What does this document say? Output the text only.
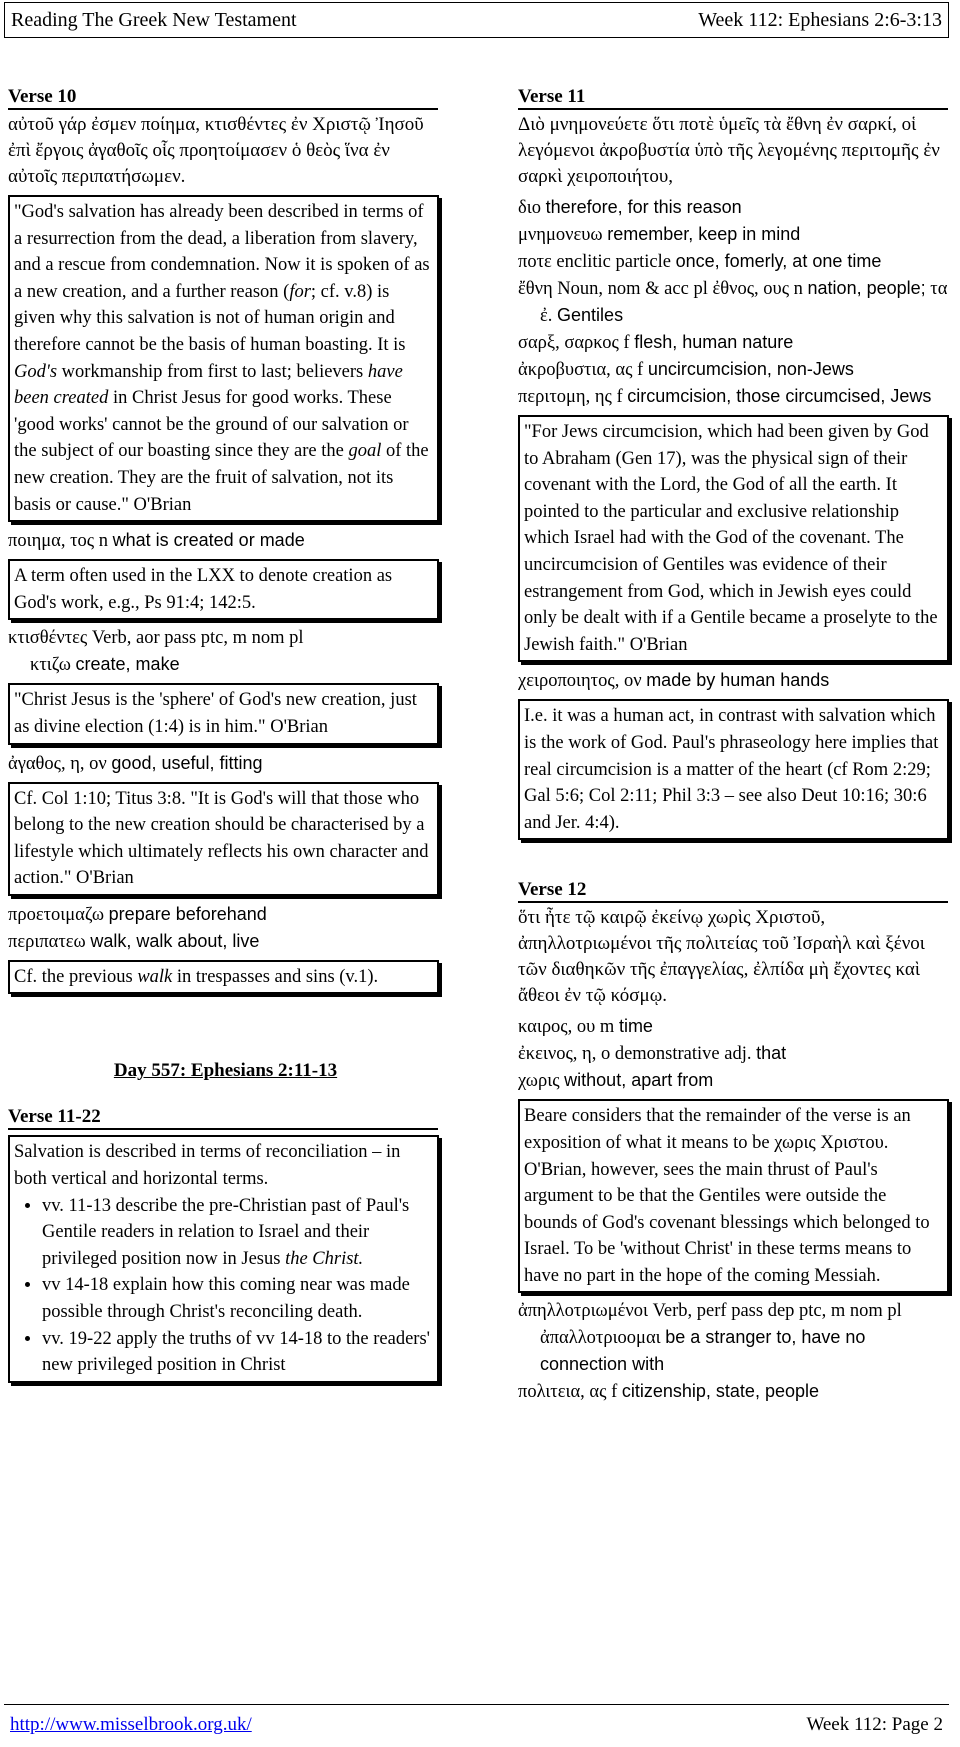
Reading The Greek New Testament	Week 112: Ephesians 2:6-3:13
Verse 10
αὐτοῦ γάρ ἐσμεν ποίημα, κτισθέντες ἐν Χριστῷ Ἰησοῦ ἐπὶ ἔργοις ἀγαθοῖς οἷς προητοίμασεν ὁ θεὸς ἵνα ἐν αὐτοῖς περιπατήσωμεν.
"God's salvation has already been described in terms of a resurrection from the dead, a liberation from slavery, and a rescue from condemnation. Now it is spoken of as a new creation, and a further reason (for; cf. v.8) is given why this salvation is not of human origin and therefore cannot be the basis of human boasting. It is God's workmanship from first to last; believers have been created in Christ Jesus for good works. These 'good works' cannot be the ground of our salvation or the subject of our boasting since they are the goal of the new creation. They are the fruit of salvation, not its basis or cause." O'Brian
ποιημα, τος n what is created or made
A term often used in the LXX to denote creation as God's work, e.g., Ps 91:4; 142:5.
κτισθέντες Verb, aor pass ptc, m nom pl
κτιζω create, make
"Christ Jesus is the 'sphere' of God's new creation, just as divine election (1:4) is in him." O'Brian
ἀγαθος, η, ον good, useful, fitting
Cf. Col 1:10; Titus 3:8. "It is God's will that those who belong to the new creation should be characterised by a lifestyle which ultimately reflects his own character and action." O'Brian
προετοιμαζω prepare beforehand
περιπατεω walk, walk about, live
Cf. the previous walk in trespasses and sins (v.1).
Day 557: Ephesians 2:11-13
Verse 11-22
Salvation is described in terms of reconciliation – in both vertical and horizontal terms.
• vv. 11-13 describe the pre-Christian past of Paul's Gentile readers in relation to Israel and their privileged position now in Jesus the Christ.
• vv 14-18 explain how this coming near was made possible through Christ's reconciling death.
• vv. 19-22 apply the truths of vv 14-18 to the readers' new privileged position in Christ
Verse 11
Διὸ μνημονεύετε ὅτι ποτὲ ὑμεῖς τὰ ἔθνη ἐν σαρκί, οἱ λεγόμενοι ἀκροβυστία ὑπὸ τῆς λεγομένης περιτομῆς ἐν σαρκὶ χειροποιήτου,
διο therefore, for this reason
μνημονευω remember, keep in mind
ποτε enclitic particle once, fomerly, at one time
ἔθνη Noun, nom & acc pl ἐθνος, ους n nation, people; τα ἐ. Gentiles
σαρξ, σαρκος f flesh, human nature
ἀκροβυστια, ας f uncircumcision, non-Jews
περιτομη, ης f circumcision, those circumcised, Jews
"For Jews circumcision, which had been given by God to Abraham (Gen 17), was the physical sign of their covenant with the Lord, the God of all the earth. It pointed to the particular and exclusive relationship which Israel had with the God of the covenant. The uncircumcision of Gentiles was evidence of their estrangement from God, which in Jewish eyes could only be dealt with if a Gentile became a proselyte to the Jewish faith." O'Brian
χειροποιητος, ον made by human hands
I.e. it was a human act, in contrast with salvation which is the work of God. Paul's phraseology here implies that real circumcision is a matter of the heart (cf Rom 2:29; Gal 5:6; Col 2:11; Phil 3:3 – see also Deut 10:16; 30:6 and Jer. 4:4).
Verse 12
ὅτι ἦτε τῷ καιρῷ ἐκείνῳ χωρὶς Χριστοῦ, ἀπηλλοτριωμένοι τῆς πολιτείας τοῦ Ἰσραὴλ καὶ ξένοι τῶν διαθηκῶν τῆς ἐπαγγελίας, ἐλπίδα μὴ ἔχοντες καὶ ἄθεοι ἐν τῷ κόσμῳ.
καιρος, ου m time
ἐκεινος, η, ο demonstrative adj. that
χωρις without, apart from
Beare considers that the remainder of the verse is an exposition of what it means to be χωρις Χριστου. O'Brian, however, sees the main thrust of Paul's argument to be that the Gentiles were outside the bounds of God's covenant blessings which belonged to Israel. To be 'without Christ' in these terms means to have no part in the hope of the coming Messiah.
ἀπηλλοτριωμένοι Verb, perf pass dep ptc, m nom pl ἀπαλλοτριοομαι be a stranger to, have no connection with
πολιτεια, ας f citizenship, state, people
http://www.misselbrook.org.uk/	Week 112: Page 2
